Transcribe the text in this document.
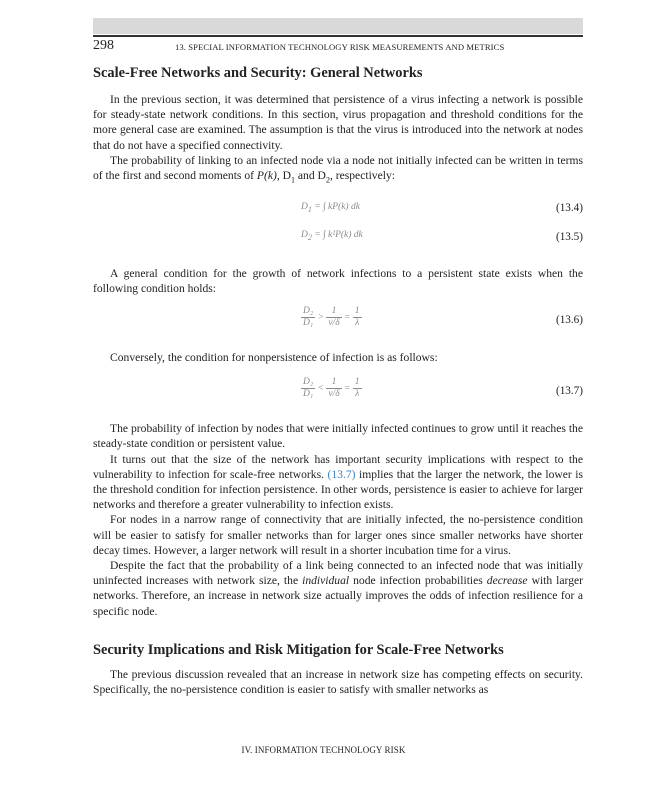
298	13. SPECIAL INFORMATION TECHNOLOGY RISK MEASUREMENTS AND METRICS
Scale-Free Networks and Security: General Networks

In the previous section, it was determined that persistence of a virus infecting a network is possible for steady-state network conditions. In this section, virus propagation and threshold conditions for the more general case are examined. The assumption is that the virus is introduced into the network at nodes that do not have a specified connectivity.

The probability of linking to an infected node via a node not initially infected can be written in terms of the first and second moments of P(k), $D_1$ and $D_2$, respectively:

$D_1$ = ∫ kP(k) dk	(13.4)
$D_2$ = ∫ k²P(k) dk	(13.5)

A general condition for the growth of network infections to a persistent state exists when the following condition holds:

$\frac{\text{D₂}}{\text{D₁}} > \frac{1}{\nu/\delta} = \frac{1}{\lambda}$	(13.6)

Conversely, the condition for nonpersistence of infection is as follows:

$\frac{\text{D₂}}{\text{D₁}} < \frac{1}{\nu/\delta} = \frac{1}{\lambda}$	(13.7)

The probability of infection by nodes that were initially infected continues to grow until it reaches the steady-state condition or persistent value.

It turns out that the size of the network has important security implications with respect to the vulnerability to infection for scale-free networks. (13.7) implies that the larger the network, the lower is the threshold condition for infection persistence. In other words, persistence is easier to achieve for larger networks and therefore a greater vulnerability to infection exists.

For nodes in a narrow range of connectivity that are initially infected, the no-persistence condition will be easier to satisfy for smaller networks than for larger ones since smaller networks have shorter decay times. However, a larger network will result in a shorter incubation time for a virus.

Despite the fact that the probability of a link being connected to an infected node that was initially uninfected increases with network size, the individual node infection probabilities decrease with larger networks. Therefore, an increase in network size actually improves the odds of infection resilience for a specific node.

Security Implications and Risk Mitigation for Scale-Free Networks

The previous discussion revealed that an increase in network size has competing effects on security. Specifically, the no-persistence condition is easier to satisfy with smaller networks as

IV. INFORMATION TECHNOLOGY RISK
